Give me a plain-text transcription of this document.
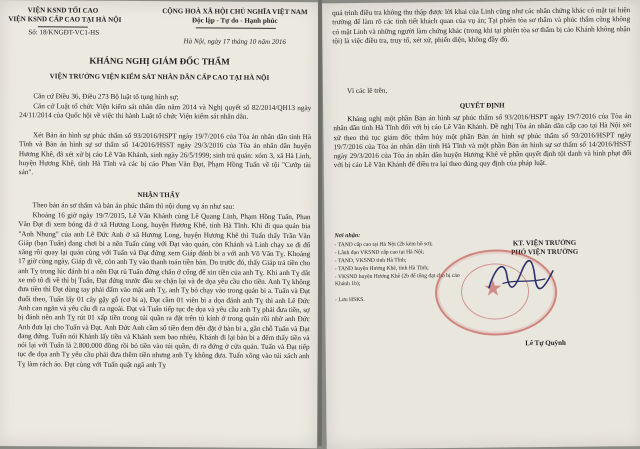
VIỆN KSND TỐI CAO
VIỆN KSND CẤP CAO TẠI HÀ NỘI
Số: 18/KNGĐT-VC1-HS
CỘNG HOÀ XÃ HỘI CHỦ NGHĨA VIỆT NAM
Độc lập - Tự do - Hạnh phúc
Hà Nội, ngày 17 tháng 10 năm 2016
KHÁNG NGHỊ GIÁM ĐỐC THẨM
VIỆN TRƯỞNG VIỆN KIỂM SÁT NHÂN DÂN CẤP CAO TẠI HÀ NỘI
Căn cứ Điều 36, Điều 273 Bộ luật tố tụng hình sự;
Căn cứ Luật tổ chức Viện kiểm sát nhân dân năm 2014 và Nghị quyết số 82/2014/QH13 ngày 24/11/2014 của Quốc hội về việc thi hành Luật tổ chức Viện kiểm sát nhân dân.
Xét Bản án hình sự phúc thẩm số 93/2016/HSPT ngày 19/7/2016 của Tòa án nhân dân tỉnh Hà Tĩnh và Bản án hình sự sơ thẩm số 14/2016/HSST ngày 29/3/2016 của Tòa án nhân dân huyện Hương Khê, đã xét xử bị cáo Lê Văn Khánh, sinh ngày 26/5/1999; sinh trú quán: xóm 3, xã Hà Linh, huyện Hương Khê, tỉnh Hà Tĩnh và các bị cáo Phan Văn Đạt, Phạm Hồng Tuấn về tội "Cướp tài sản".
NHẬN THẤY
Theo bản án sơ thẩm và bản án phúc thẩm thì nội dung vụ án như sau:
Khoảng 16 giờ ngày 19/7/2015, Lê Văn Khánh cùng Lê Quang Linh, Phạm Hồng Tuấn, Phan Văn Đạt đi xem bóng đá ở xã Hương Long, huyện Hương Khê, tỉnh Hà Tĩnh. Khi đi qua quán bia "Anh Nhung" của anh Lê Đức Anh ở xã Hương Long, huyện Hương Khê thì Tuấn thấy Trần Văn Giáp (bạn Tuấn) đang chơi bi a nên Tuấn cùng với Đạt vào quán, còn Khánh và Linh chạy xe đi đổ xăng rồi quay lại quán cùng với Tuấn và Đạt đứng xem Giáp đánh bi a với anh Võ Văn Tỵ. Khoảng 17 giờ cùng ngày, Giáp đi về, còn anh Tỵ vào thanh toán tiền bàn. Do trước đó, thấy Giáp trả tiền cho anh Tỵ trong lúc đánh bi a nên Đạt rủ Tuấn đứng chắn ở cổng để xin tiền của anh Tỵ. Khi anh Tỵ dắt xe mô tô đi về thì bị Tuấn, Đạt đứng trước đầu xe chặn lại và đe dọa yêu cầu cho tiền. Anh Tỵ không đưa tiền thì Đạt dùng tay phải đấm vào mặt anh Tỵ, anh Tỵ bỏ chạy vào trong quán bi a. Tuấn và Đạt đuổi theo, Tuấn lấy 01 cây gậy gỗ (cơ bi a), Đạt cầm 01 viên bi a dọa đánh anh Tỵ thì anh Lê Đức Anh can ngăn và yêu cầu đi ra ngoài. Đạt và Tuấn tiếp tục đe dọa và yêu cầu anh Tỵ phải đưa tiền, sợ bị đánh nên anh Tỵ rút 01 xấp tiền trong túi quần ra đặt trên tủ kính ở trong quán rồi nhờ anh Đức Anh đưa lại cho Tuấn và Đạt. Anh Đức Anh cầm số tiền đem đến đặt ở bàn bi a, gần chỗ Tuấn và Đạt đang đứng. Tuấn nói Khánh lấy tiền và Khánh xem bao nhiêu, Khánh đi lại bàn bi a đếm thấy tiền và nói lại với Tuấn là 2.800.000 đồng rồi bỏ tiền vào túi quần, đi ra đứng ở cửa quán. Tuấn và Đạt tiếp tục đe dọa anh Tỵ yêu cầu phải đưa thêm tiền nhưng anh Tỵ không đưa. Tuấn xông vào túi xách anh Tỵ làm rách áo. Đạt cùng với Tuấn quật ngã anh Tỵ
quá trình điều tra không thu thập được lời khai của Linh cũng như các nhân chứng khác có mặt tại hiện trường để làm rõ các tình tiết khách quan của vụ án; Tại phiên tòa sơ thẩm và phúc thẩm cũng không có mặt Linh và những người làm chứng khác (trong khi tại phiên tòa sơ thẩm bị cáo Khánh không nhận tội) là việc điều tra, truy tố, xét xử, phiến diện, không đầy đủ.
Vì các lẽ trên,
QUYẾT ĐỊNH
Kháng nghị một phần Bản án hình sự phúc thẩm số 93/2016/HSPT ngày 19/7/2016 của Tòa án nhân dân tỉnh Hà Tĩnh đối với bị cáo Lê Văn Khánh. Đề nghị Tòa án nhân dân cấp cao tại Hà Nội xét xử theo thủ tục giám đốc thẩm hủy một phần Bản án hình sự phúc thẩm số 93/2016/HSPT ngày 19/7/2016 của Tòa án nhân dân tỉnh Hà Tĩnh và một phần Bản án hình sự sơ thẩm số 14/2016/HSST ngày 29/3/2016 của Tòa án nhân dân huyện Hương Khê về phần quyết định tội danh và hình phạt đối với bị cáo Lê Văn Khánh để điều tra lại theo đúng quy định của pháp luật.
Nơi nhận:
- TAND cấp cao tại Hà Nội (2b kèm hồ sơ);
- Lãnh đạo VKSND cấp cao tại Hà Nội;
- TAND, VKSND tỉnh Hà Tĩnh;
- TAND huyện Hương Khê, tỉnh Hà Tĩnh;
- VKSND huyện Hương Khê (2b để tống đạt cho bị cáo Khánh 1b);
- Lưu HSKS.
KT. VIỆN TRƯỞNG
PHÓ VIỆN TRƯỞNG
★
Lê Tự Quỳnh
